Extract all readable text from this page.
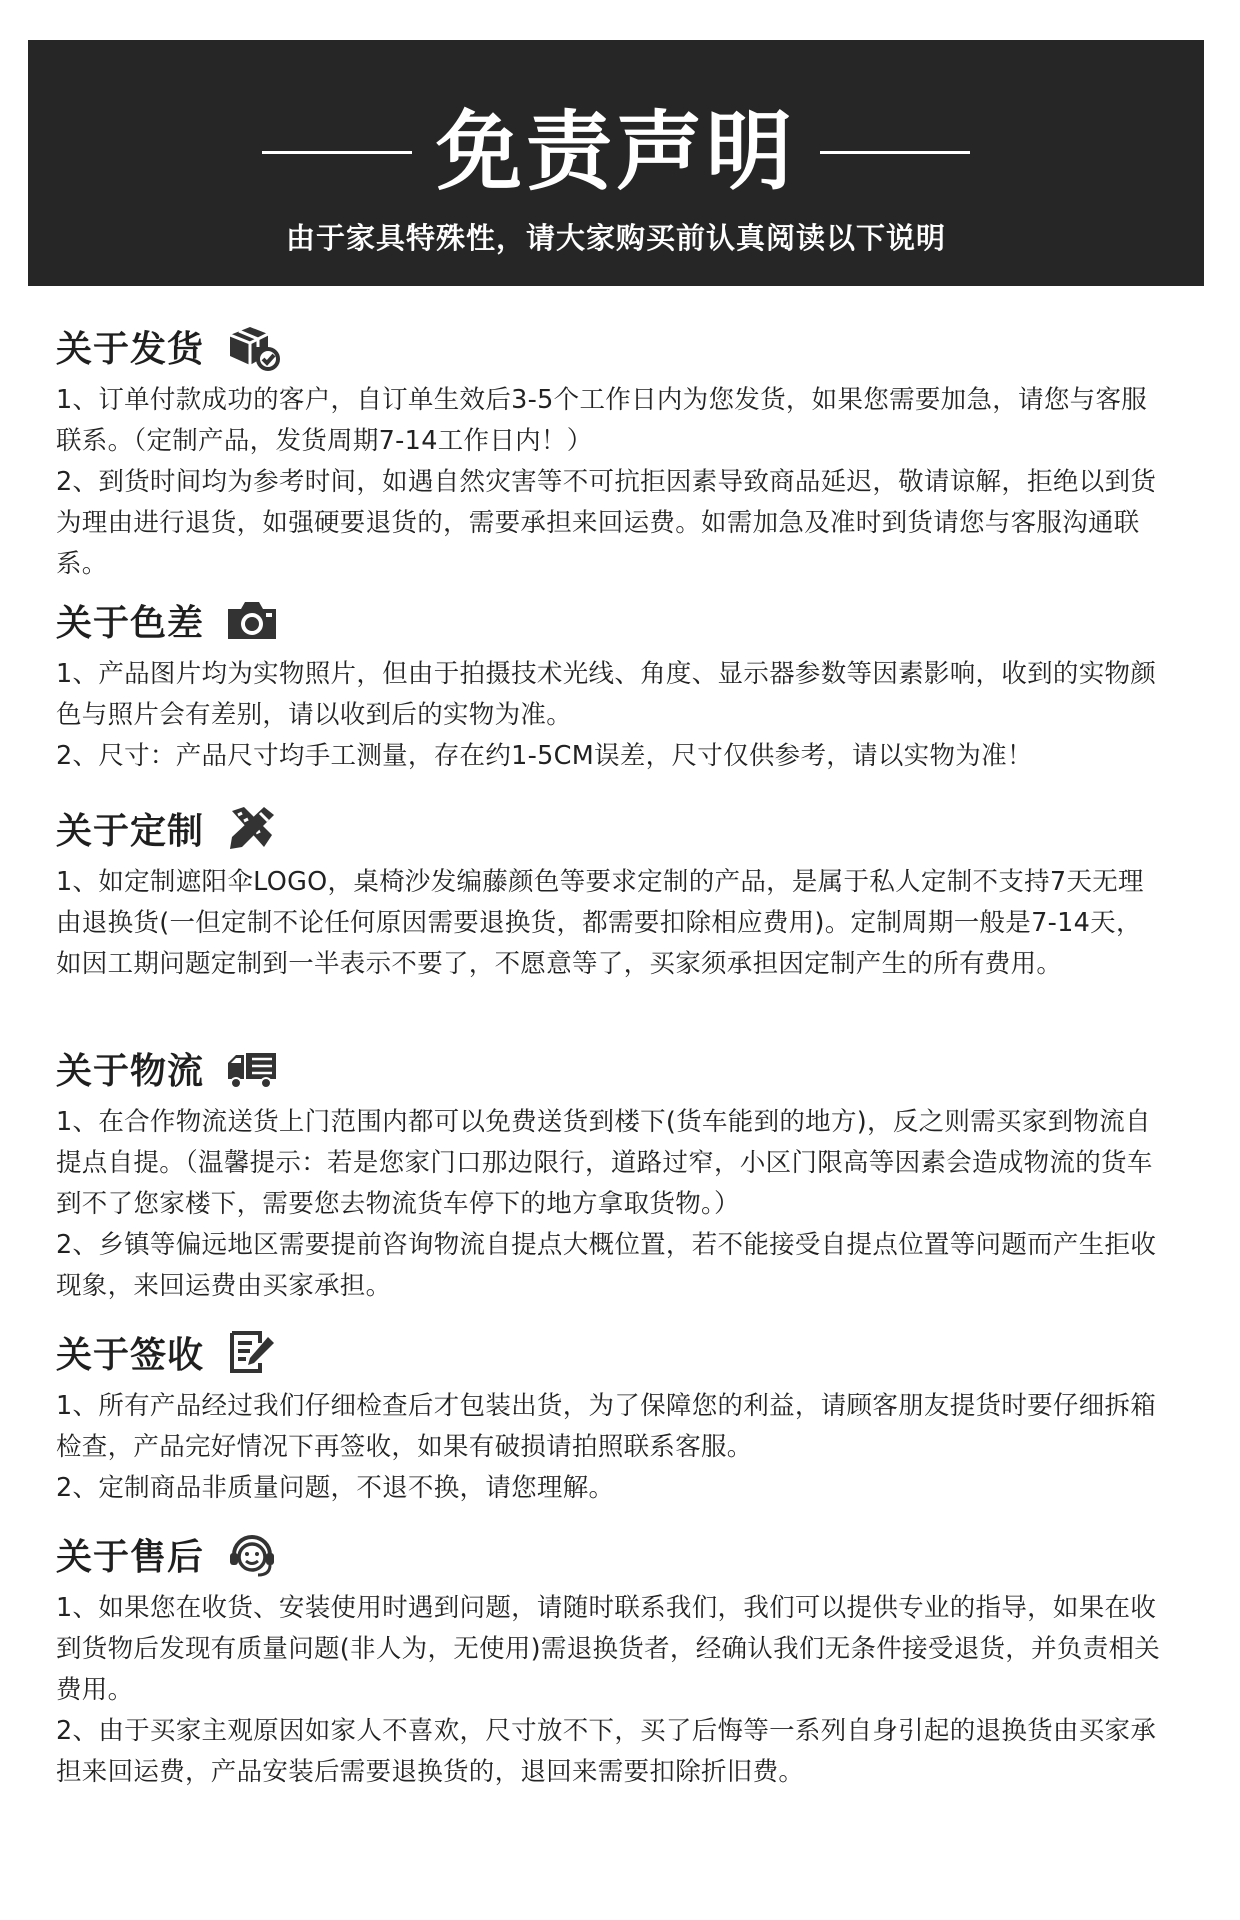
免责声明
由于家具特殊性，请大家购买前认真阅读以下说明
关于发货

1、订单付款成功的客户，自订单生效后3-5个工作日内为您发货，如果您需要加急，请您与客服联系。（定制产品，发货周期7-14工作日内！）

2、到货时间均为参考时间，如遇自然灾害等不可抗拒因素导致商品延迟，敬请谅解，拒绝以到货为理由进行退货，如强硬要退货的，需要承担来回运费。如需加急及准时到货请您与客服沟通联系。

关于色差

1、产品图片均为实物照片，但由于拍摄技术光线、角度、显示器参数等因素影响，收到的实物颜色与照片会有差别，请以收到后的实物为准。

2、尺寸：产品尺寸均手工测量，存在约1-5CM误差，尺寸仅供参考，请以实物为准！

关于定制

1、如定制遮阳伞LOGO，桌椅沙发编藤颜色等要求定制的产品，是属于私人定制不支持7天无理由退换货(一但定制不论任何原因需要退换货，都需要扣除相应费用)。定制周期一般是7-14天，如因工期问题定制到一半表示不要了，不愿意等了，买家须承担因定制产生的所有费用。

关于物流

1、在合作物流送货上门范围内都可以免费送货到楼下(货车能到的地方)，反之则需买家到物流自提点自提。（温馨提示：若是您家门口那边限行，道路过窄，小区门限高等因素会造成物流的货车到不了您家楼下，需要您去物流货车停下的地方拿取货物。）

2、乡镇等偏远地区需要提前咨询物流自提点大概位置，若不能接受自提点位置等问题而产生拒收现象，来回运费由买家承担。

关于签收

1、所有产品经过我们仔细检查后才包装出货，为了保障您的利益，请顾客朋友提货时要仔细拆箱检查，产品完好情况下再签收，如果有破损请拍照联系客服。

2、定制商品非质量问题，不退不换，请您理解。

关于售后

1、如果您在收货、安装使用时遇到问题，请随时联系我们，我们可以提供专业的指导，如果在收到货物后发现有质量问题(非人为，无使用)需退换货者，经确认我们无条件接受退货，并负责相关费用。

2、由于买家主观原因如家人不喜欢，尺寸放不下，买了后悔等一系列自身引起的退换货由买家承担来回运费，产品安装后需要退换货的，退回来需要扣除折旧费。
